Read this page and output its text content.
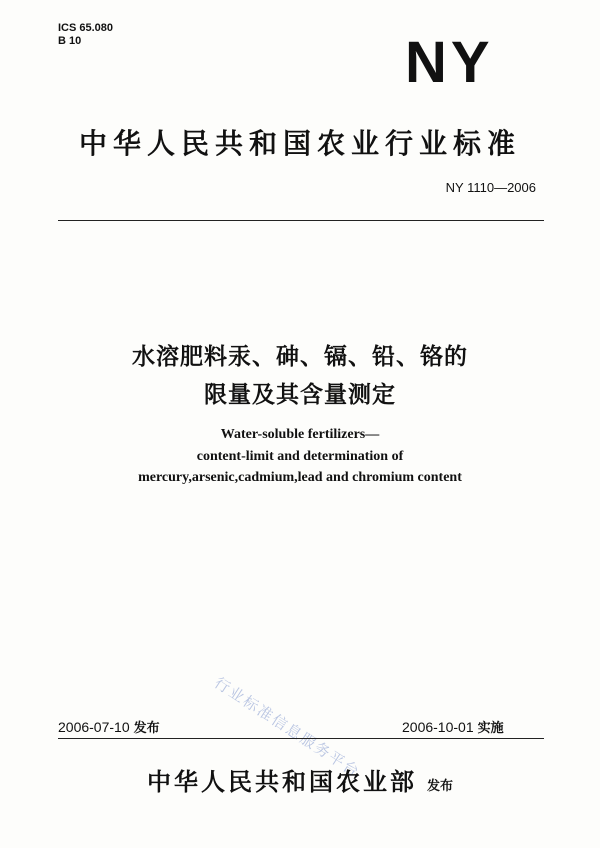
ICS 65.080
B 10	NY
中华人民共和国农业行业标准
NY 1110—2006
水溶肥料汞、砷、镉、铅、铬的
限量及其含量测定
Water-soluble fertilizers—
content-limit and determination of
mercury,arsenic,cadmium,lead and chromium content
行业标准信息服务平台
2006-07-10 发布	2006-10-01 实施
中华人民共和国农业部 发布
